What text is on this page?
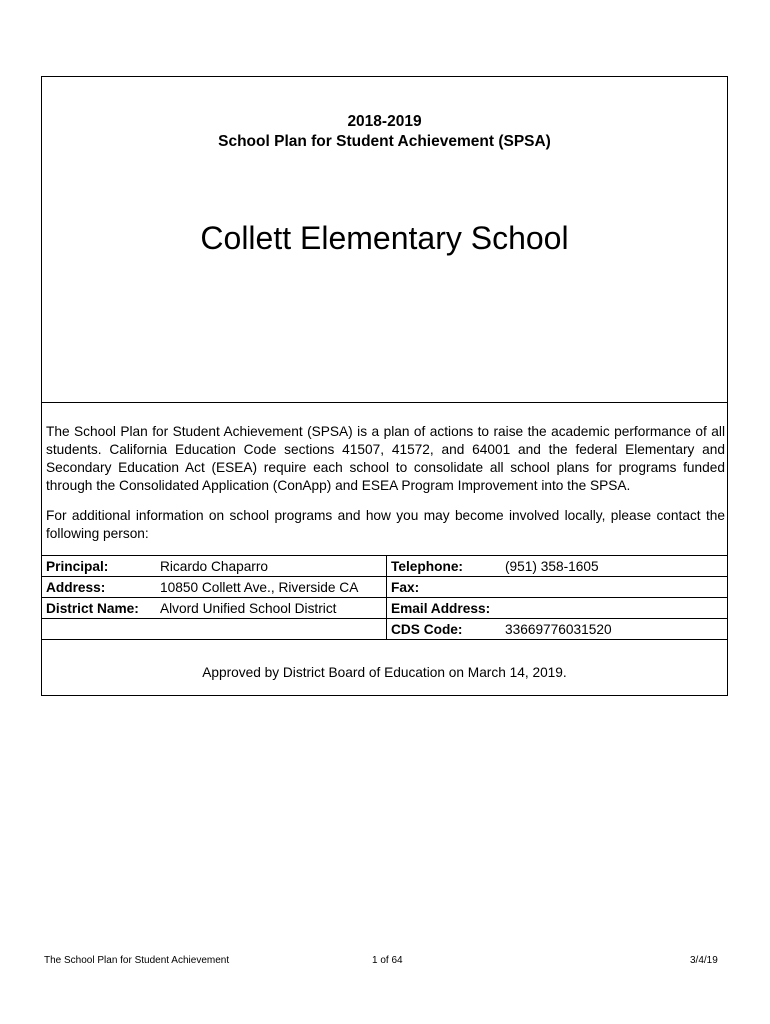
2018-2019
School Plan for Student Achievement (SPSA)
Collett Elementary School
The School Plan for Student Achievement (SPSA) is a plan of actions to raise the academic performance of all students. California Education Code sections 41507, 41572, and 64001 and the federal Elementary and Secondary Education Act (ESEA) require each school to consolidate all school plans for programs funded through the Consolidated Application (ConApp) and ESEA Program Improvement into the SPSA.
For additional information on school programs and how you may become involved locally, please contact the following person:
Principal:	Ricardo Chaparro	Telephone:	(951) 358-1605
Address:	10850 Collett Ave., Riverside CA	Fax:	
District Name:	Alvord Unified School District	Email Address:	
		CDS Code:	33669776031520
Approved by District Board of Education on March 14, 2019.
The School Plan for Student Achievement	1 of 64	3/4/19
